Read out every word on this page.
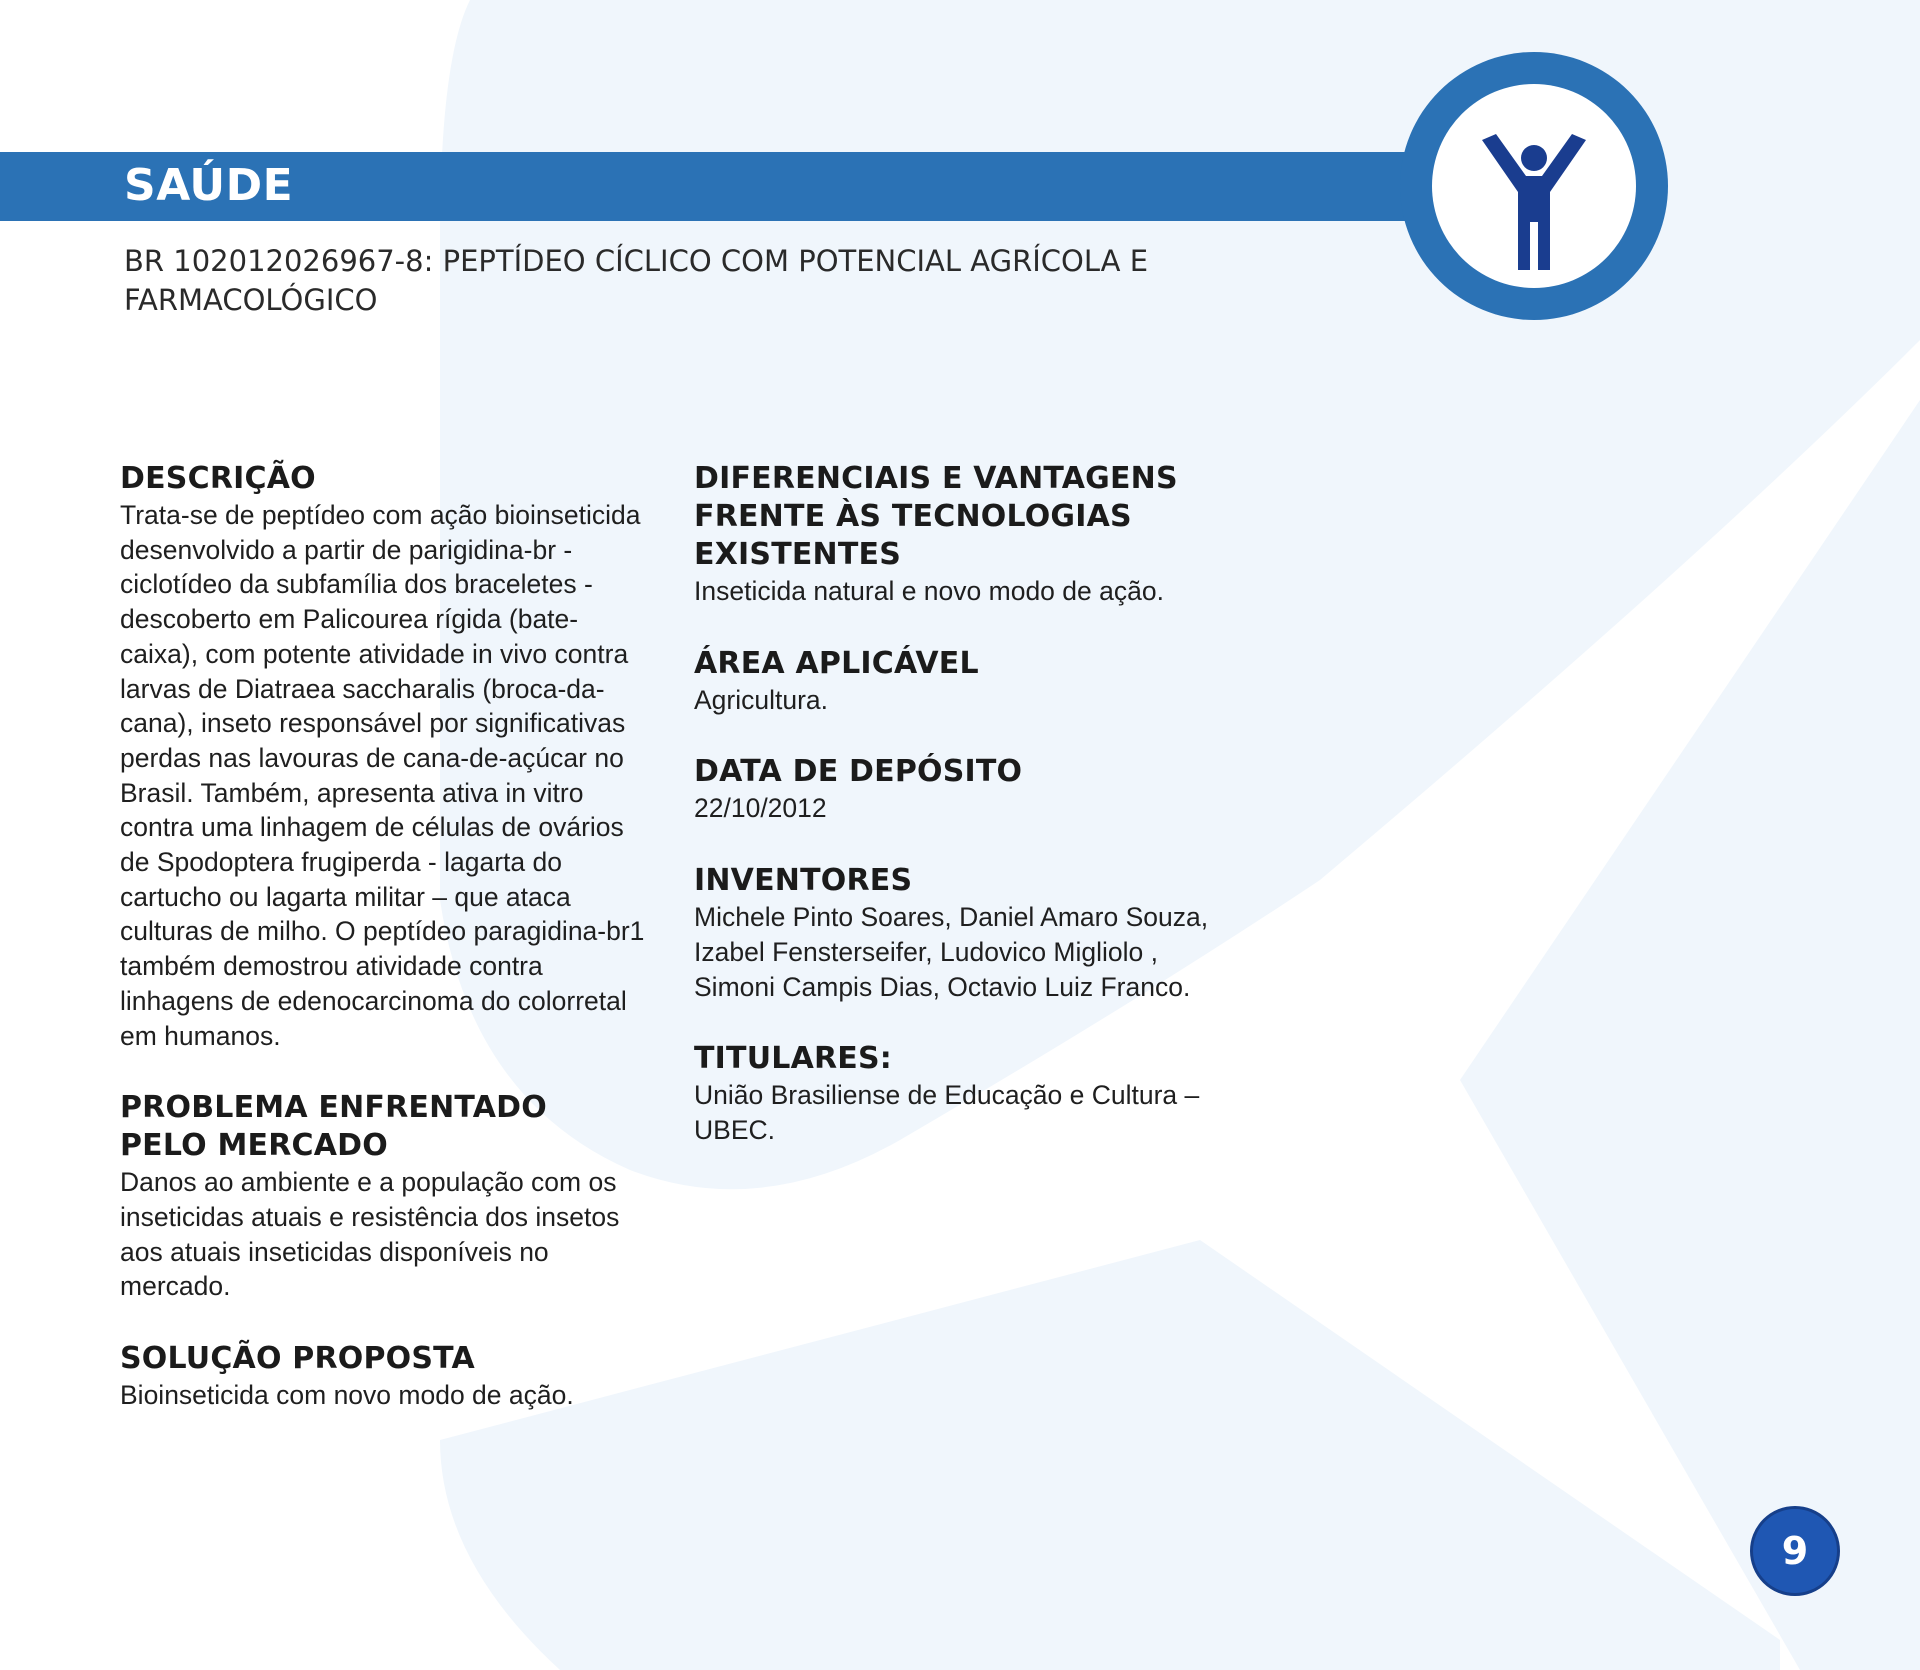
SAÚDE
BR 102012026967-8: PEPTÍDEO CÍCLICO COM POTENCIAL AGRÍCOLA E FARMACOLÓGICO
DESCRIÇÃO

Trata-se de peptídeo com ação bioinseticida desenvolvido a partir de parigidina-br - ciclotídeo da subfamília dos braceletes - descoberto em Palicourea rígida (bate-caixa), com potente atividade in vivo contra larvas de Diatraea saccharalis (broca-da-cana), inseto responsável por significativas perdas nas lavouras de cana-de-açúcar no Brasil. Também, apresenta ativa in vitro contra uma linhagem de células de ovários de Spodoptera frugiperda - lagarta do cartucho ou lagarta militar – que ataca culturas de milho. O peptídeo paragidina-br1 também demostrou atividade contra linhagens de edenocarcinoma do colorretal em humanos.

PROBLEMA ENFRENTADO PELO MERCADO

Danos ao ambiente e a população com os inseticidas atuais e resistência dos insetos aos atuais inseticidas disponíveis no mercado.

SOLUÇÃO PROPOSTA

Bioinseticida com novo modo de ação.

DIFERENCIAIS E VANTAGENS FRENTE ÀS TECNOLOGIAS EXISTENTES

Inseticida natural e novo modo de ação.

ÁREA APLICÁVEL

Agricultura.

DATA DE DEPÓSITO

22/10/2012

INVENTORES

Michele Pinto Soares, Daniel Amaro Souza, Izabel Fensterseifer, Ludovico Migliolo , Simoni Campis Dias, Octavio Luiz Franco.

TITULARES:

União Brasiliense de Educação e Cultura – UBEC.

9
